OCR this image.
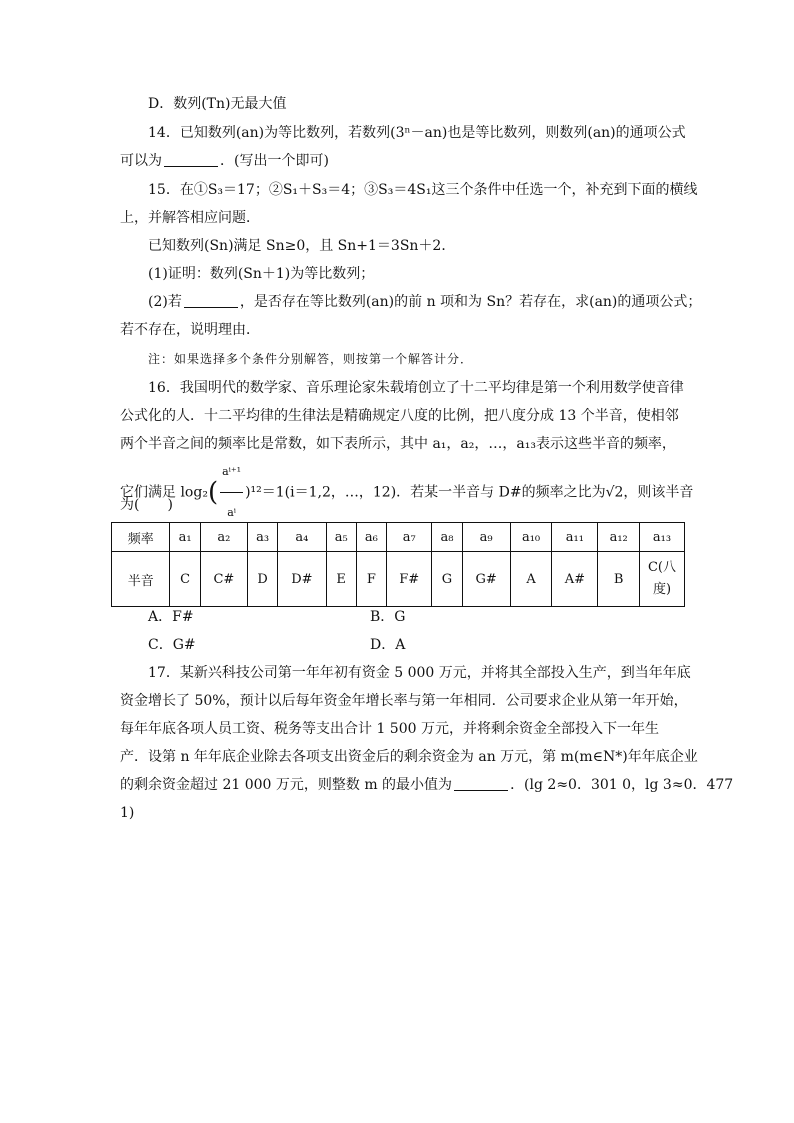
D．数列(Tn)无最大值
14．已知数列(an)为等比数列，若数列(3ⁿ－an)也是等比数列，则数列(an)的通项公式
可以为	．(写出一个即可)
15．在①S₃＝17；②S₁＋S₃＝4；③S₃＝4S₁这三个条件中任选一个，补充到下面的横线
上，并解答相应问题．
已知数列(Sn)满足 Sn≥0，且 Sn+1＝3Sn＋2．
(1)证明：数列(Sn＋1)为等比数列；
(2)若	，是否存在等比数列(an)的前 n 项和为 Sn？若存在，求(an)的通项公式；
若不存在，说明理由．
注：如果选择多个条件分别解答，则按第一个解答计分．
16．我国明代的数学家、音乐理论家朱载堉创立了十二平均律是第一个利用数学使音律
公式化的人．十二平均律的生律法是精确规定八度的比例，把八度分成 13 个半音，使相邻
两个半音之间的频率比是常数，如下表所示，其中 a₁，a₂，…，a₁₃表示这些半音的频率，
它们满足 $\log_2( \frac{\text{aⁱ⁺¹}}{\text{aⁱ}} )^{12}=1(i=1,2$，…，12)．若某一半音与 D#的频率之比为√2，则该半音
为(　　)
频率	a₁	a₂	a₃	a₄	a₅	a₆	a₇	a₈	a₉	a₁₀	a₁₁	a₁₂	a₁₃
半音	C	C#	D	D#	E	F	F#	G	G#	A	A#	B	C(八度)
A．F#	B．G
C．G#	D．A
17．某新兴科技公司第一年年初有资金 5 000 万元，并将其全部投入生产，到当年年底
资金增长了 50%，预计以后每年资金年增长率与第一年相同．公司要求企业从第一年开始，
每年年底各项人员工资、税务等支出合计 1 500 万元，并将剩余资金全部投入下一年生
产．设第 n 年年底企业除去各项支出资金后的剩余资金为 an 万元，第 m(m∈N*)年年底企业
的剩余资金超过 21 000 万元，则整数 m 的最小值为	．(lg 2≈0．301 0，lg 3≈0．477
1)
